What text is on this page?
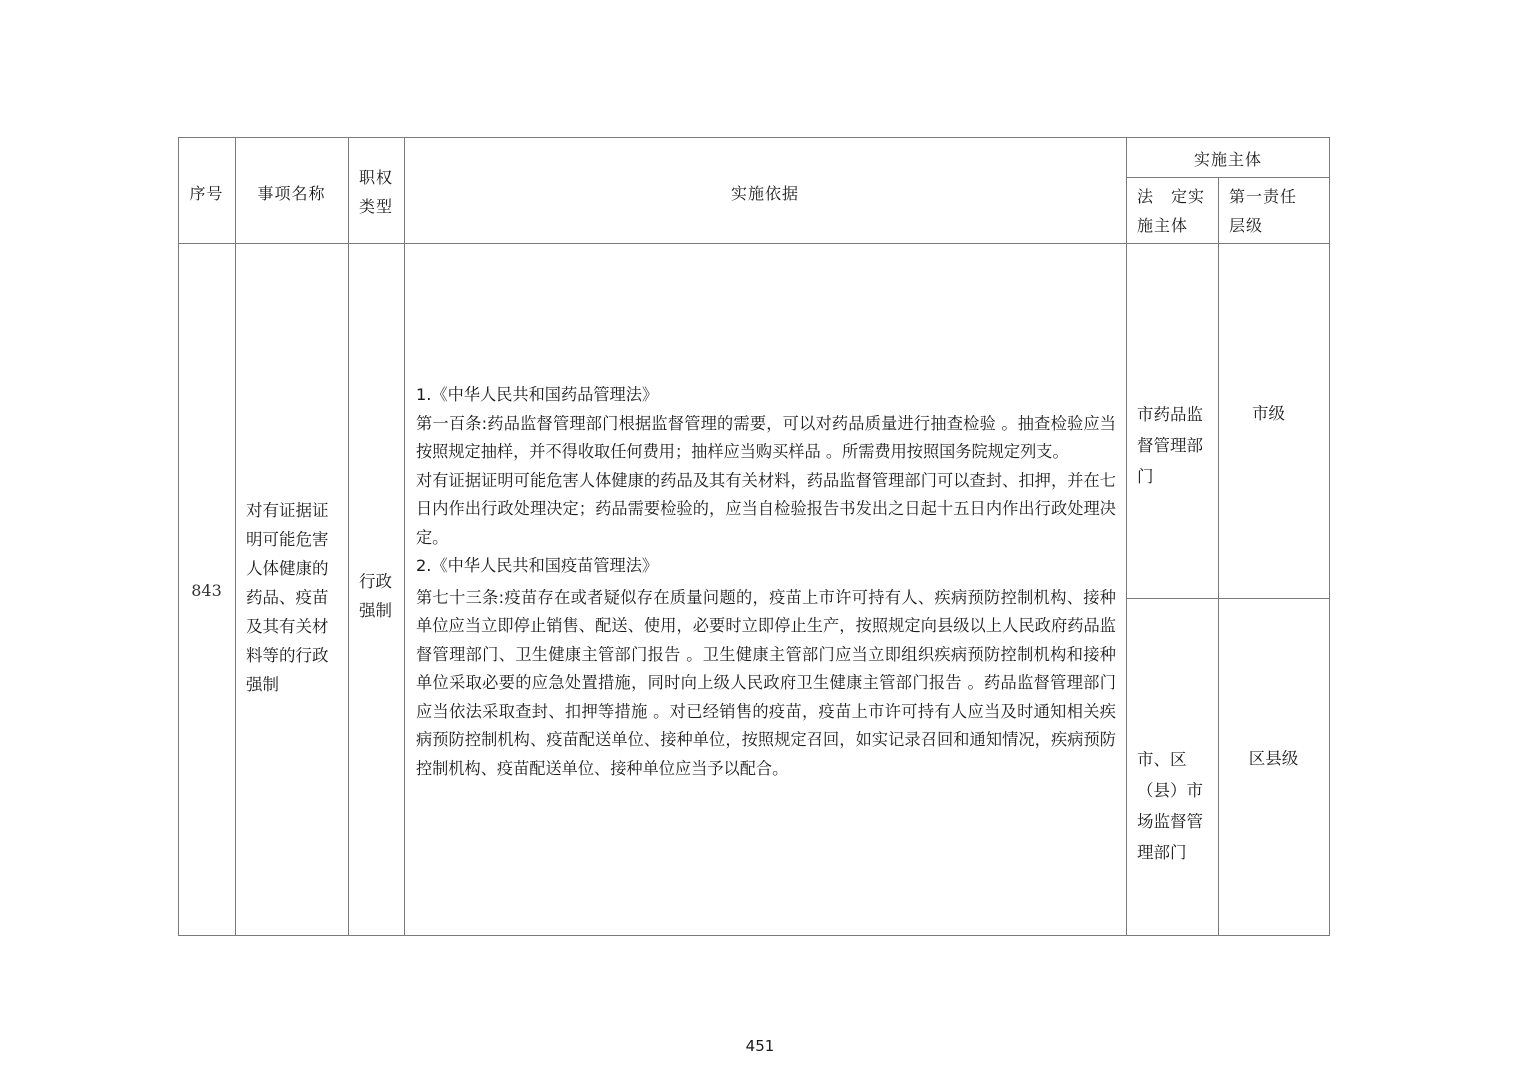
序号	事项名称
职权类型
实施依据
实施主体
法　定实施主体
第一责任层级
843
对有证据证明可能危害人体健康的药品、疫苗及其有关材料等的行政强制
行政强制

1.《中华人民共和国药品管理法》

第一百条:药品监督管理部门根据监督管理的需要，可以对药品质量进行抽查检验 。抽查检验应当按照规定抽样，并不得收取任何费用；抽样应当购买样品 。所需费用按照国务院规定列支。

对有证据证明可能危害人体健康的药品及其有关材料，药品监督管理部门可以查封、扣押，并在七日内作出行政处理决定；药品需要检验的，应当自检验报告书发出之日起十五日内作出行政处理决定。

2.《中华人民共和国疫苗管理法》

第七十三条:疫苗存在或者疑似存在质量问题的，疫苗上市许可持有人、疾病预防控制机构、接种单位应当立即停止销售、配送、使用，必要时立即停止生产，按照规定向县级以上人民政府药品监督管理部门、卫生健康主管部门报告 。卫生健康主管部门应当立即组织疾病预防控制机构和接种单位采取必要的应急处置措施，同时向上级人民政府卫生健康主管部门报告 。药品监督管理部门应当依法采取查封、扣押等措施 。对已经销售的疫苗，疫苗上市许可持有人应当及时通知相关疾病预防控制机构、疫苗配送单位、接种单位，按照规定召回，如实记录召回和通知情况，疾病预防控制机构、疫苗配送单位、接种单位应当予以配合。

市药品监督管理部门
市级
市、区（县）市场监督管理部门
区县级
451
